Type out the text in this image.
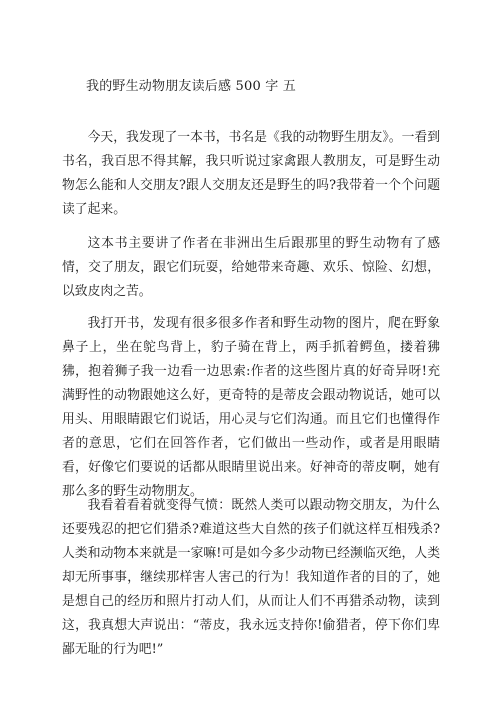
我的野生动物朋友读后感 500 字 五

今天，我发现了一本书，书名是《我的动物野生朋友》。一看到书名，我百思不得其解，我只听说过家禽跟人教朋友，可是野生动物怎么能和人交朋友?跟人交朋友还是野生的吗?我带着一个个问题读了起来。

这本书主要讲了作者在非洲出生后跟那里的野生动物有了感情，交了朋友，跟它们玩耍，给她带来奇趣、欢乐、惊险、幻想，以致皮肉之苦。

我打开书，发现有很多很多作者和野生动物的图片，爬在野象鼻子上，坐在鸵鸟背上，豹子骑在背上，两手抓着鳄鱼，搂着狒狒，抱着狮子我一边看一边思索:作者的这些图片真的好奇异呀!充满野性的动物跟她这么好，更奇特的是蒂皮会跟动物说话，她可以用头、用眼睛跟它们说话，用心灵与它们沟通。而且它们也懂得作者的意思，它们在回答作者，它们做出一些动作，或者是用眼睛看，好像它们要说的话都从眼睛里说出来。好神奇的蒂皮啊，她有那么多的野生动物朋友。

我看着看着就变得气愤：既然人类可以跟动物交朋友，为什么还要残忍的把它们猎杀?难道这些大自然的孩子们就这样互相残杀?人类和动物本来就是一家嘛!可是如今多少动物已经濒临灭绝，人类却无所事事，继续那样害人害己的行为！我知道作者的目的了，她是想自己的经历和照片打动人们，从而让人们不再猎杀动物，读到这，我真想大声说出：“蒂皮，我永远支持你!偷猎者，停下你们卑鄙无耻的行为吧!”
